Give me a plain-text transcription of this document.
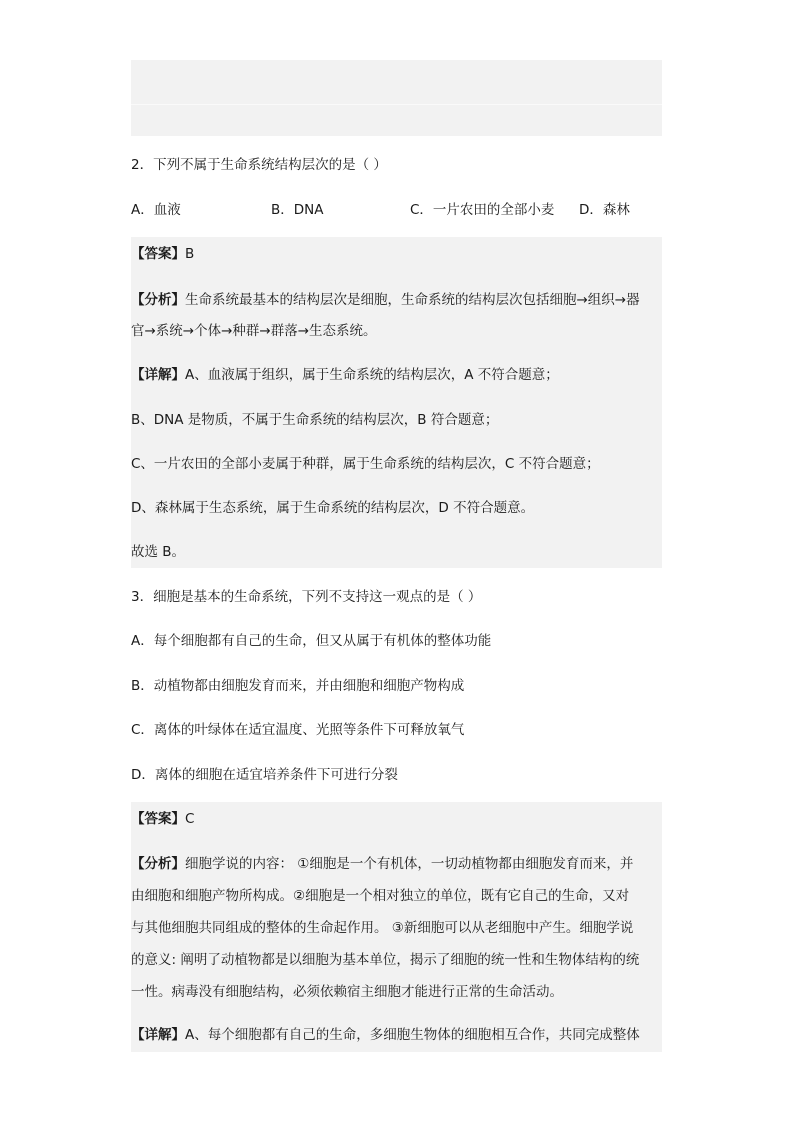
2．下列不属于生命系统结构层次的是（ ）
A．血液	B．DNA	C．一片农田的全部小麦 D．森林
【答案】B
【分析】生命系统最基本的结构层次是细胞，生命系统的结构层次包括细胞→组织→器
官→系统→个体→种群→群落→生态系统。
【详解】A、血液属于组织，属于生命系统的结构层次，A 不符合题意；
B、DNA 是物质，不属于生命系统的结构层次，B 符合题意；
C、一片农田的全部小麦属于种群，属于生命系统的结构层次，C 不符合题意；
D、森林属于生态系统，属于生命系统的结构层次，D 不符合题意。
故选 B。
3．细胞是基本的生命系统，下列不支持这一观点的是（ ）
A．每个细胞都有自己的生命，但又从属于有机体的整体功能
B．动植物都由细胞发育而来，并由细胞和细胞产物构成
C．离体的叶绿体在适宜温度、光照等条件下可释放氧气
D．离体的细胞在适宜培养条件下可进行分裂
【答案】C
【分析】细胞学说的内容： ①细胞是一个有机体，一切动植物都由细胞发育而来，并
由细胞和细胞产物所构成。②细胞是一个相对独立的单位，既有它自己的生命，又对
与其他细胞共同组成的整体的生命起作用。 ③新细胞可以从老细胞中产生。细胞学说
的意义: 阐明了动植物都是以细胞为基本单位，揭示了细胞的统一性和生物体结构的统
一性。病毒没有细胞结构，必须依赖宿主细胞才能进行正常的生命活动。
【详解】A、每个细胞都有自己的生命，多细胞生物体的细胞相互合作，共同完成整体
